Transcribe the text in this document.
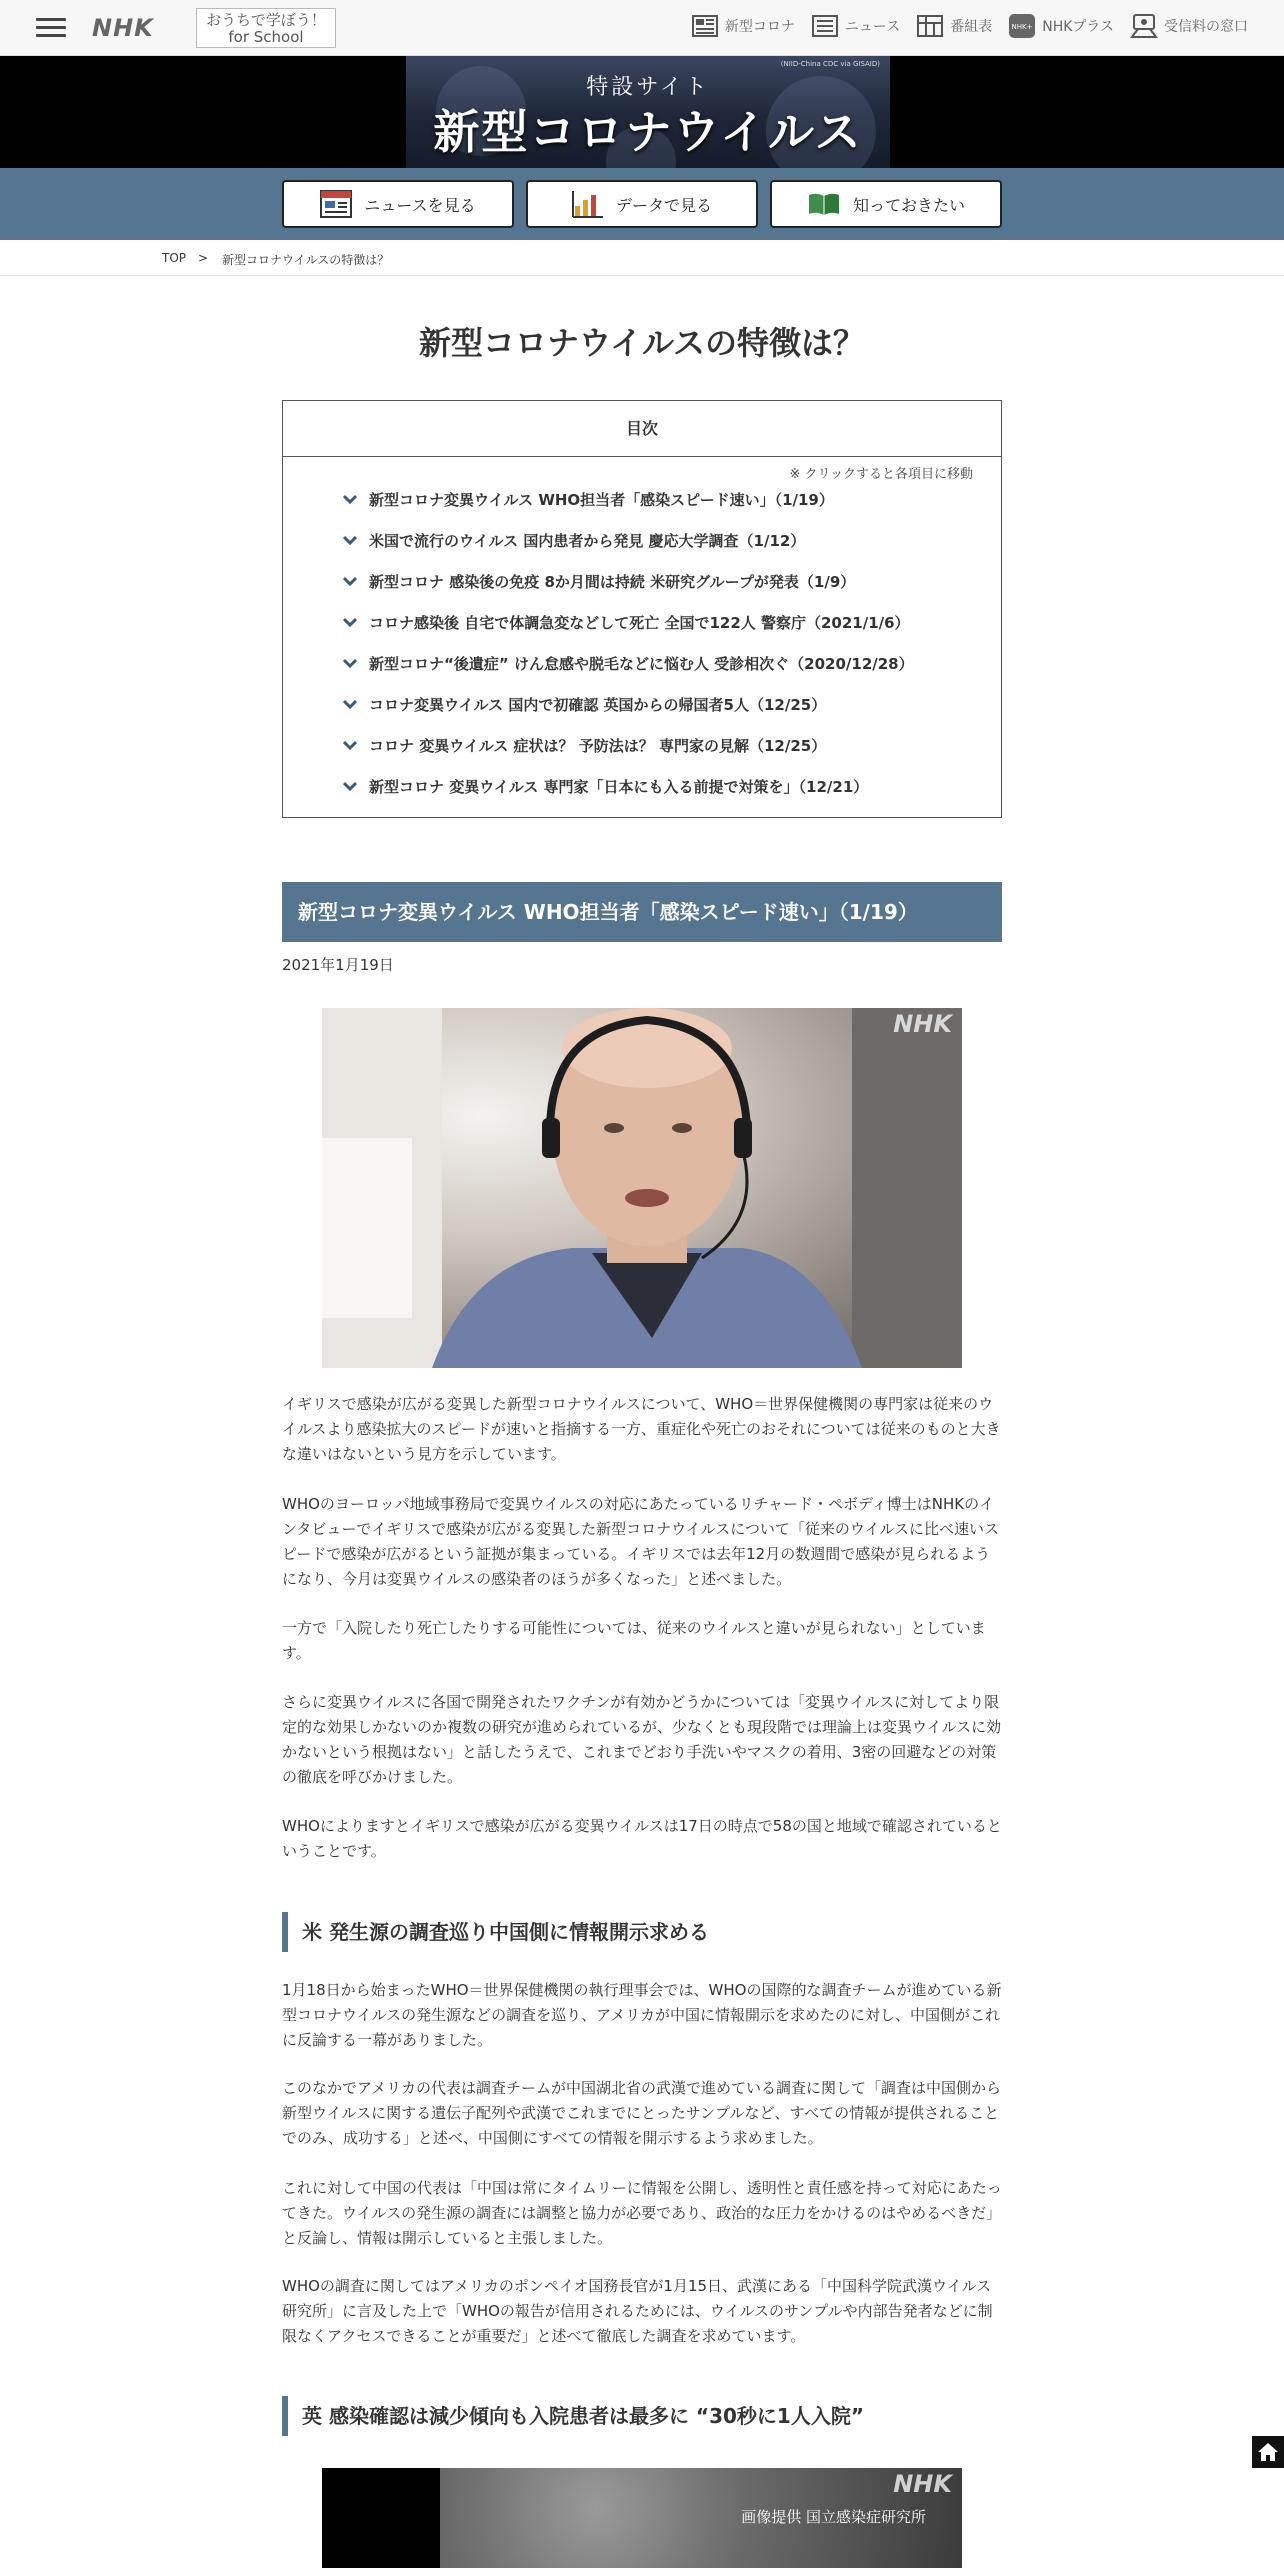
NHK	おうちで学ぼう！
for School
新型コロナ	ニュース	番組表	NHK+ NHKプラス	受信料の窓口
(NIID-China CDC via GISAID)
特設サイト
新型コロナウイルス
ニュースを見る	データで見る	知っておきたい
TOP > 新型コロナウイルスの特徴は？
新型コロナウイルスの特徴は？
目次
※ クリックすると各項目に移動
新型コロナ変異ウイルス WHO担当者「感染スピード速い」（1/19）
米国で流行のウイルス 国内患者から発見 慶応大学調査（1/12）
新型コロナ 感染後の免疫 8か月間は持続 米研究グループが発表（1/9）
コロナ感染後 自宅で体調急変などして死亡 全国で122人 警察庁（2021/1/6）
新型コロナ“後遺症” けん怠感や脱毛などに悩む人 受診相次ぐ（2020/12/28）
コロナ変異ウイルス 国内で初確認 英国からの帰国者5人（12/25）
コロナ 変異ウイルス 症状は？ 予防法は？ 専門家の見解（12/25）
新型コロナ 変異ウイルス 専門家「日本にも入る前提で対策を」（12/21）
新型コロナ変異ウイルス WHO担当者「感染スピード速い」（1/19）
2021年1月19日
NHK

イギリスで感染が広がる変異した新型コロナウイルスについて、WHO＝世界保健機関の専門家は従来のウイルスより感染拡大のスピードが速いと指摘する一方、重症化や死亡のおそれについては従来のものと大きな違いはないという見方を示しています。

WHOのヨーロッパ地域事務局で変異ウイルスの対応にあたっているリチャード・ペボディ博士はNHKのインタビューでイギリスで感染が広がる変異した新型コロナウイルスについて「従来のウイルスに比べ速いスピードで感染が広がるという証拠が集まっている。イギリスでは去年12月の数週間で感染が見られるようになり、今月は変異ウイルスの感染者のほうが多くなった」と述べました。

一方で「入院したり死亡したりする可能性については、従来のウイルスと違いが見られない」としています。

さらに変異ウイルスに各国で開発されたワクチンが有効かどうかについては「変異ウイルスに対してより限定的な効果しかないのか複数の研究が進められているが、少なくとも現段階では理論上は変異ウイルスに効かないという根拠はない」と話したうえで、これまでどおり手洗いやマスクの着用、3密の回避などの対策の徹底を呼びかけました。

WHOによりますとイギリスで感染が広がる変異ウイルスは17日の時点で58の国と地域で確認されているということです。

米 発生源の調査巡り中国側に情報開示求める

1月18日から始まったWHO＝世界保健機関の執行理事会では、WHOの国際的な調査チームが進めている新型コロナウイルスの発生源などの調査を巡り、アメリカが中国に情報開示を求めたのに対し、中国側がこれに反論する一幕がありました。

このなかでアメリカの代表は調査チームが中国湖北省の武漢で進めている調査に関して「調査は中国側から新型ウイルスに関する遺伝子配列や武漢でこれまでにとったサンプルなど、すべての情報が提供されることでのみ、成功する」と述べ、中国側にすべての情報を開示するよう求めました。

これに対して中国の代表は「中国は常にタイムリーに情報を公開し、透明性と責任感を持って対応にあたってきた。ウイルスの発生源の調査には調整と協力が必要であり、政治的な圧力をかけるのはやめるべきだ」と反論し、情報は開示していると主張しました。

WHOの調査に関してはアメリカのポンペイオ国務長官が1月15日、武漢にある「中国科学院武漢ウイルス研究所」に言及した上で「WHOの報告が信用されるためには、ウイルスのサンプルや内部告発者などに制限なくアクセスできることが重要だ」と述べて徹底した調査を求めています。

英 感染確認は減少傾向も入院患者は最多に “30秒に1人入院”
NHK
画像提供 国立感染症研究所
